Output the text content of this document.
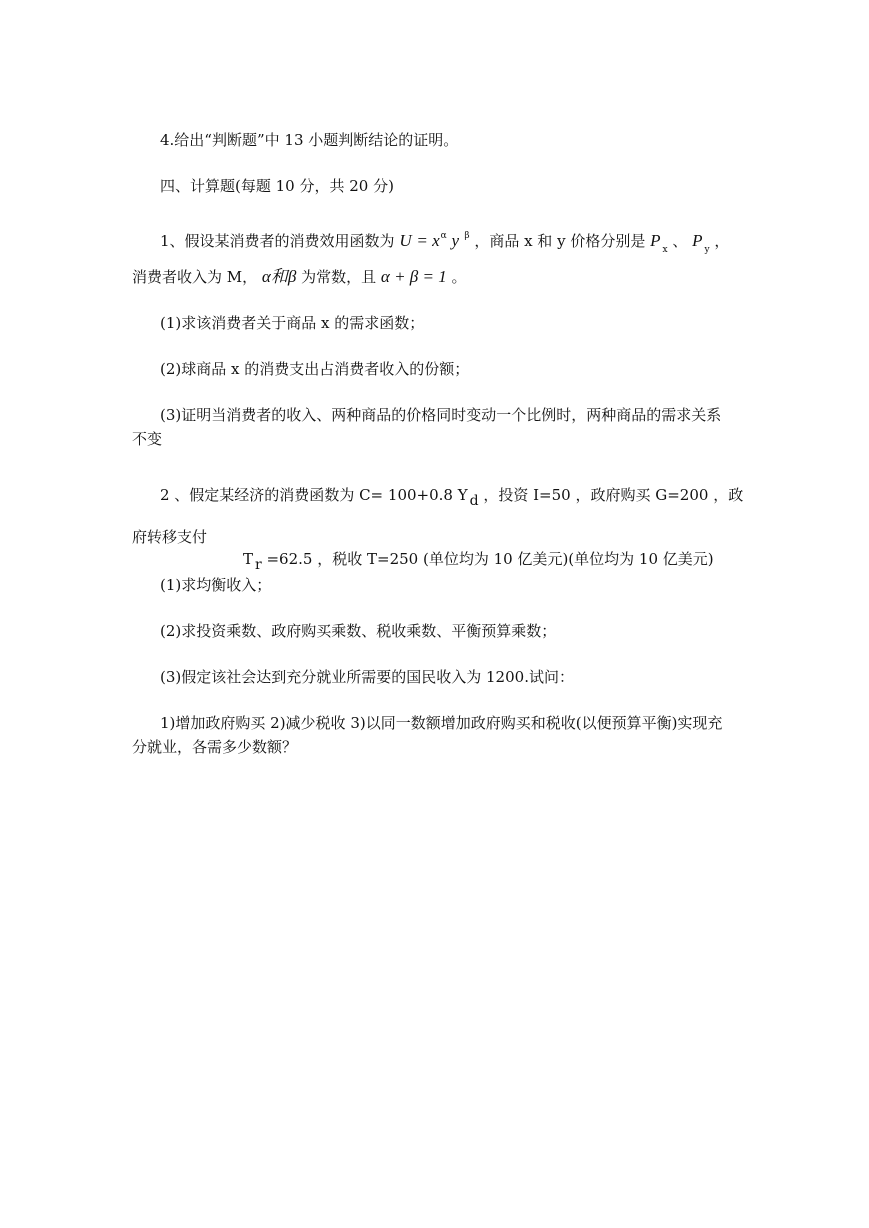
4.给出“判断题”中 13 小题判断结论的证明。
四、计算题(每题 10 分，共 20 分)
1、假设某消费者的消费效用函数为 $U = x^\alpha$ y $^\beta$ ，商品 x 和 y 价格分别是 P $_x$ 、 P $_y$ ，
消费者收入为 M， α和β 为常数，且 α + β = 1 。
(1)求该消费者关于商品 x 的需求函数；
(2)球商品 x 的消费支出占消费者收入的份额；
(3)证明当消费者的收入、两种商品的价格同时变动一个比例时，两种商品的需求关系
不变
2 、假定某经济的消费函数为 C= 100+0.8 Y d ，投资 I=50 ，政府购买 G=200 ，政
府转移支付
T r =62.5 ，税收 T=250 (单位均为 10 亿美元)(单位均为 10 亿美元)
(1)求均衡收入；
(2)求投资乘数、政府购买乘数、税收乘数、平衡预算乘数；
(3)假定该社会达到充分就业所需要的国民收入为 1200.试问：
1)增加政府购买 2)减少税收 3)以同一数额增加政府购买和税收(以便预算平衡)实现充
分就业，各需多少数额？
